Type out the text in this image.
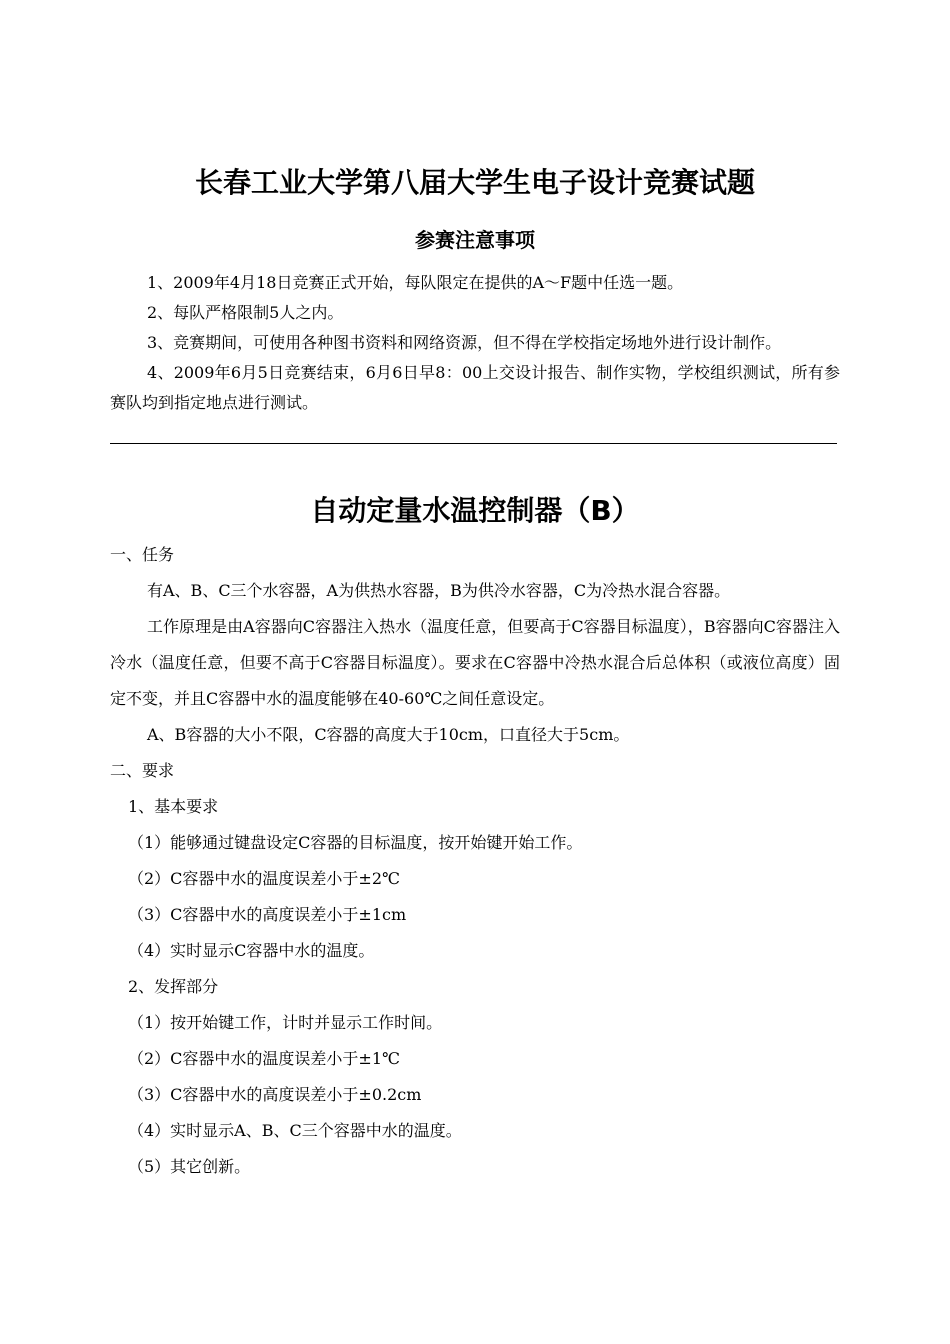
长春工业大学第八届大学生电子设计竞赛试题
参赛注意事项

1、2009年4月18日竞赛正式开始，每队限定在提供的A～F题中任选一题。

2、每队严格限制5人之内。

3、竞赛期间，可使用各种图书资料和网络资源，但不得在学校指定场地外进行设计制作。

4、2009年6月5日竞赛结束，6月6日早8：00上交设计报告、制作实物，学校组织测试，所有参赛队均到指定地点进行测试。

自动定量水温控制器（B）

一、任务

有A、B、C三个水容器，A为供热水容器，B为供冷水容器，C为冷热水混合容器。

工作原理是由A容器向C容器注入热水（温度任意，但要高于C容器目标温度），B容器向C容器注入冷水（温度任意，但要不高于C容器目标温度）。要求在C容器中冷热水混合后总体积（或液位高度）固定不变，并且C容器中水的温度能够在40-60℃之间任意设定。

A、B容器的大小不限，C容器的高度大于10cm，口直径大于5cm。

二、要求

1、基本要求

（1）能够通过键盘设定C容器的目标温度，按开始键开始工作。

（2）C容器中水的温度误差小于±2℃

（3）C容器中水的高度误差小于±1cm

（4）实时显示C容器中水的温度。

2、发挥部分

（1）按开始键工作，计时并显示工作时间。

（2）C容器中水的温度误差小于±1℃

（3）C容器中水的高度误差小于±0.2cm

（4）实时显示A、B、C三个容器中水的温度。

（5）其它创新。
